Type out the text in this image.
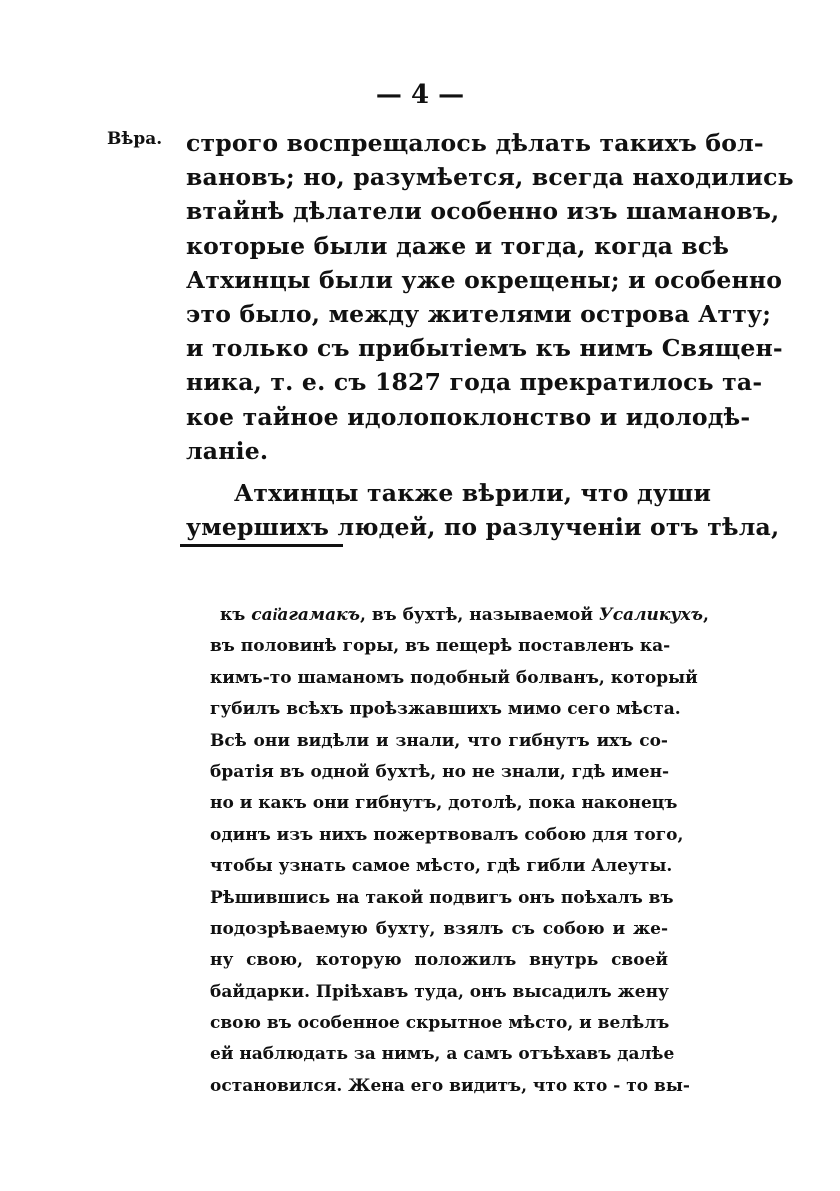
— 4 —
Вѣра. строго воспрещалось дѣлать такихъ бол-
вановъ; но, разумѣется, всегда находились
втайнѣ дѣлатели особенно изъ шамановъ,
которые были даже и тогда, когда всѣ
Атхинцы были уже окрещены; и особенно
это было, между жителями острова Атту;
и только съ прибытіемъ къ нимъ Священ-
ника, т. е. съ 1827 года прекратилось та-
кое тайное идолопоклонство и идолодѣ-
ланіе.
Атхинцы также вѣрили, что души
умершихъ людей, по разлученіи отъ тѣла,
къ саі҆агамакъ, въ бухтѣ, называемой Усаликухъ,
въ половинѣ горы, въ пещерѣ поставленъ ка-
кимъ-то шаманомъ подобный болванъ, который
губилъ всѣхъ проѣзжавшихъ мимо сего мѣста.
Всѣ они видѣли и знали, что гибнутъ ихъ со-
братія въ одной бухтѣ, но не знали, гдѣ имен-
но и какъ они гибнутъ, дотолѣ, пока наконецъ
одинъ изъ нихъ пожертвовалъ собою для того,
чтобы узнать самое мѣсто, гдѣ гибли Алеуты.
Рѣшившись на такой подвигъ онъ поѣхалъ въ
подозрѣваемую бухту, взялъ съ собою и же-
ну свою, которую положилъ внутрь своей
байдарки. Пріѣхавъ туда, онъ высадилъ жену
свою въ особенное скрытное мѣсто, и велѣлъ
ей наблюдать за нимъ, а самъ отъѣхавъ далѣе
остановился. Жена его видитъ, что кто - то вы-
